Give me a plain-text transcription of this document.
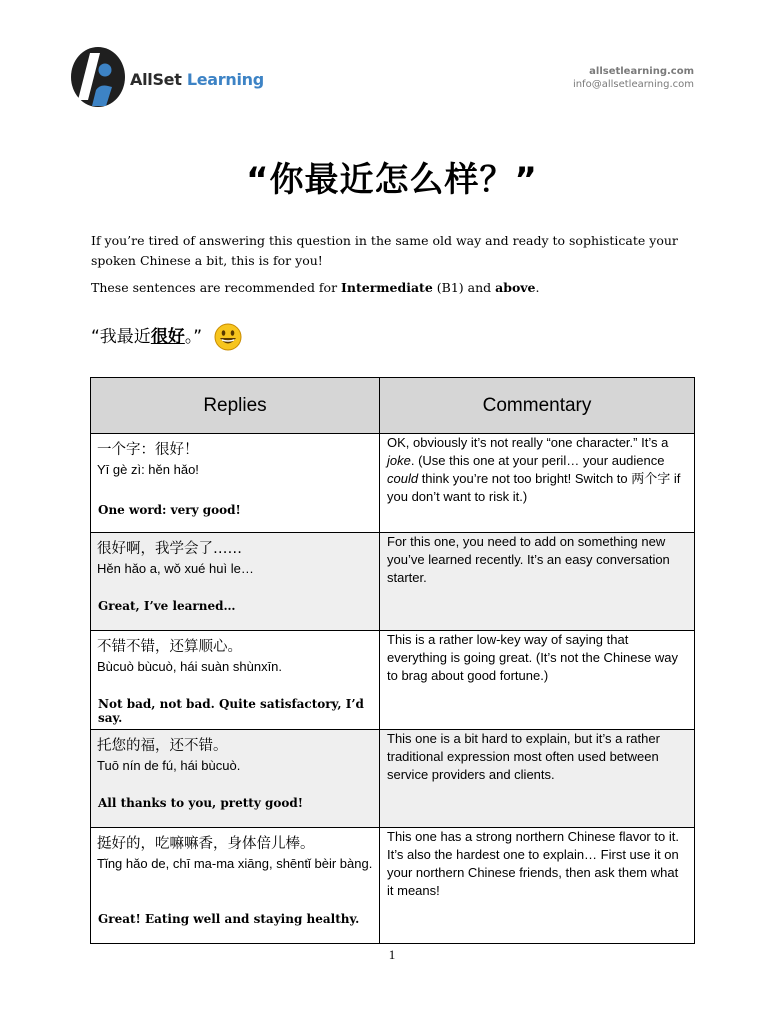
AllSet Learning	allsetlearning.com
info@allsetlearning.com
“你最近怎么样？”

If you’re tired of answering this question in the same old way and ready to sophisticate your spoken Chinese a bit, this is for you!

These sentences are recommended for Intermediate (B1) and above.

“我最近很好。”
Replies	Commentary

一个字：很好！
Yī gè zì: hěn hǎo!
One word: very good!	OK, obviously it’s not really “one character.” It’s a joke. (Use this one at your peril… your audience could think you’re not too bright! Switch to 两个字 if you don’t want to risk it.)

很好啊，我学会了……
Hěn hǎo a, wǒ xué huì le…
Great, I’ve learned…	For this one, you need to add on something new you’ve learned recently. It’s an easy conversation starter.

不错不错，还算顺心。
Bùcuò bùcuò, hái suàn shùnxīn.
Not bad, not bad. Quite satisfactory, I’d say.	This is a rather low-key way of saying that everything is going great. (It’s not the Chinese way to brag about good fortune.)

托您的福，还不错。
Tuō nín de fú, hái bùcuò.
All thanks to you, pretty good!	This one is a bit hard to explain, but it’s a rather traditional expression most often used between service providers and clients.

挺好的，吃嘛嘛香，身体倍儿棒。
Tǐng hǎo de, chī ma-ma xiāng, shēntǐ bèir bàng.
Great! Eating well and staying healthy.	This one has a strong northern Chinese flavor to it. It’s also the hardest one to explain… First use it on your northern Chinese friends, then ask them what it means!
1
